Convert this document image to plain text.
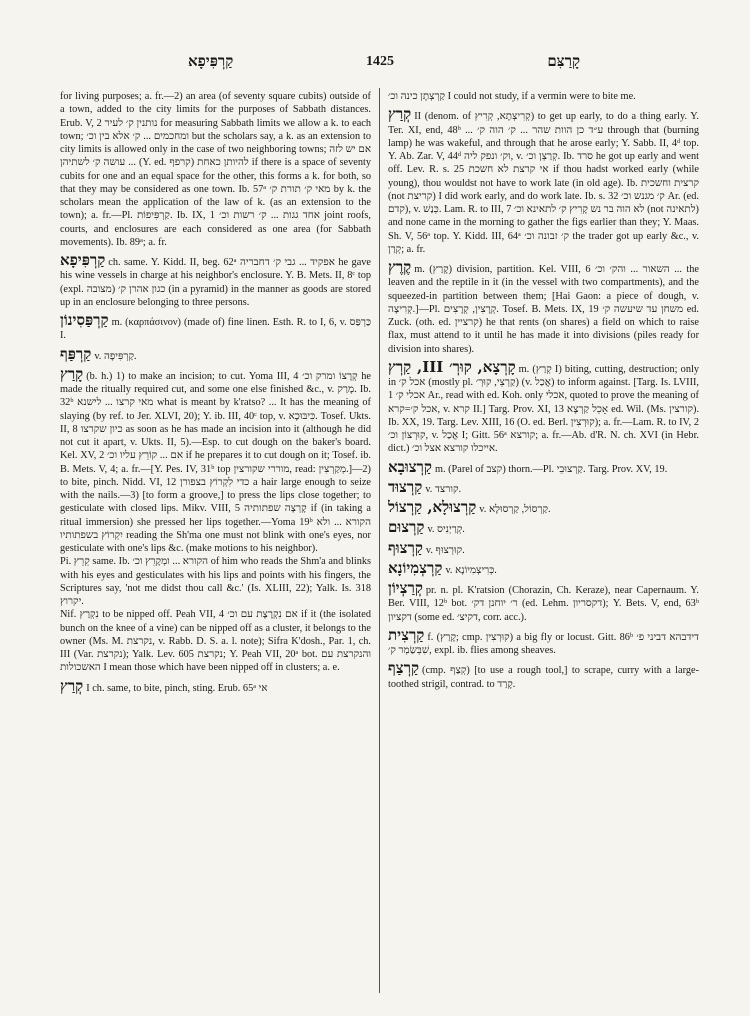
קַרְפִּיפָא	1425	קָרַצִּם

for living purposes; a. fr.—2) an area (of seventy square cubits) outside of a town, added to the city limits for the purposes of Sabbath distances. Erub. V, 2 נותנין ק׳ לעיר for measuring Sabbath limits we allow a k. to each town; ומחכמים ... ק׳ אלא בין וכ׳ but the scholars say, a k. as an extension to city limits is allowed only in the case of two neighboring towns; אם יש לזה ... עושה ק׳ לשתיהן (Y. ed. קרפף) להיותן כאחת if there is a space of seventy cubits for one and an equal space for the other, this forms a k. for both, so that they may be considered as one town. Ib. 57ᵃ מאי ק׳ תורת ק׳ by k. the scholars mean the application of the law of k. (as an extension to the town); a. fr.—Pl. קַרְפִּיפוֹת. Ib. IX, 1 אחד גגות ... ק׳ רשות וכ׳ joint roofs, courts, and enclosures are each considered as one area (for Sabbath movements). Ib. 89ᵃ; a. fr.

קַרְפִּיפָא ch. same. Y. Kidd. II, beg. 62ᵃ אפקיד ... גבי ק׳ דחבריה he gave his wine vessels in charge at his neighbor's enclosure. Y. B. Mets. II, 8ᶜ top (expl. מצובה) כגון אהרן ק׳ (in a pyramid) in the manner as goods are stored up in an enclosure belonging to three persons.

קַרְפַּסִינוֹן m. (καρπάσινον) (made of) fine linen. Esth. R. to I, 6, v. כַּרְפַּס I.

קַרְפַּף v. קַרְפִּיפָה.

קָרַץ (b. h.) 1) to make an incision; to cut. Yoma III, 4 קְרָצוֹ ומרק וכ׳ he made the ritually required cut, and some one else finished &c., v. מָרַק. Ib. 32ᵇ מאי קרצו ... לישנא what is meant by k'ratso? ... It has the meaning of slaying (by ref. to Jer. XLVI, 20); Y. ib. III, 40ᶜ top, v. כִּיבּוּכָא. Tosef. Ukts. II, 8 כיון שקרצו as soon as he has made an incision into it (although he did not cut it apart, v. Ukts. II, 5).—Esp. to cut dough on the baker's board. Kel. XV, 2 אם ... קוֹרֵץ עליו וכ׳ if he prepares it to cut dough on it; Tosef. ib. B. Mets. V, 4; a. fr.—[Y. Pes. IV, 31ᵇ top מוררי שקורצין, read: מְקַרְצִין.]—2) to bite, pinch. Nidd. VI, 12 כדי לִקְרוֹץ בצפורן a hair large enough to seize with the nails.—3) [to form a groove,] to press the lips close together; to gesticulate with closed lips. Mikv. VIII, 5 קָרְצָה שפתותיה if (in taking a ritual immersion) she pressed her lips together.—Yoma 19ᵇ הקורא ... ולא יִקְרוֹץ בשפתותיו reading the Sh'ma one must not blink with one's eyes, nor gesticulate with one's lips &c. (make motions to his neighbor).

Pi. קֵרֵץ same. Ib. הקורא ... ומְקָרֵץ וכ׳ of him who reads the Shm'a and blinks with his eyes and gesticulates with his lips and points with his fingers, the Scriptures say, 'not me didst thou call &c.' (Is. XLIII, 22); Yalk. Is. 318 יקרוץ.

Nif. נִקְרַץ to be nipped off. Peah VII, 4 אם נִקְרֶצֶת עם וכ׳ if it (the isolated bunch on the knee of a vine) can be nipped off as a cluster, it belongs to the owner (Ms. M. נקרצת, v. Rabb. D. S. a. l. note); Sifra K'dosh., Par. 1, ch. III (Var. נקרצת); Yalk. Lev. 605 נקרצת; Y. Peah VII, 20ᵃ bot. והנקרצת עם האשכולות I mean those which have been nipped off in clusters; a. e.

קְרַץ I ch. same, to bite, pinch, sting. Erub. 65ᵃ אי

קַרְצְתָן כינה וכ׳ I could not study, if a vermin were to bite me.

קְרַץ II (denom. of קְרִיצְתָא, קְרִיץ) to get up early, to do a thing early. Y. Ter. XI, end, 48ᵇ ... ע״ד כן הוות שהר ... ק׳ הוה ק׳ through that (burning lamp) he was wakeful, and through that he arose early; Y. Sabb. II, 4ᵈ top. Y. Ab. Zar. V, 44ᵈ וק׳ ונפק ליה, v. קְרַצְן וכ׳. Ib. סרד he got up early and went off. Lev. R. s. 25 אי קרצת לא חשכת if thou hadst worked early (while young), thou wouldst not have to work late (in old age). Ib. קרצית וחשכית (not קריצת) I did work early, and do work late. Ib. s. 32 ק׳ מגנש וכ׳ Ar. (ed. קדם), v. כְּנַשׁ. Lam. R. to III, 7 לא הוה בר נש קָרִיץ ק׳ לתאינא וכ׳ (not לתאינה) and none came in the morning to gather the figs earlier than they; Y. Maas. Sh. V, 56ᵃ top. Y. Kidd. III, 64ᵃ ק׳ זבונה וכ׳ the trader got up early &c., v. קְרַן; a. fr.

קֶרֶץ m. (קָרַץ) division, partition. Kel. VIII, 6 השאור ... והק׳ וכ׳ ... the leaven and the reptile in it (in the vessel with two compartments), and the squeezed-in partition between them; [Hai Gaon: a piece of dough, v. קְרִיצָה.]—Pl. קְרָצִין, קְרָצִים. Tosef. B. Mets. IX, 19 משחן עד שיעשה ק׳ ed. Zuck. (oth. ed. קרציין) he that rents (on shares) a field on which to raise flax, must attend to it until he has made it into divisions (piles ready for division into shares).

קָרְצָא, קוּרְ׳ III, קַרְץ m. (קְרַץ I) biting, cutting, destruction; only in אכל ק׳ (mostly pl. קַרְצֵי, קוּרְ׳) (v. אֲכַל) to inform against. [Targ. Is. LVIII, 1 אכלי ק׳ Ar., read with ed. Koh. only אכלי, quoted to prove the meaning of אכל ק׳=קרא, v. קרא II.] Targ. Prov. XI, 13 אָכֵל קַרְצָא ed. Wil. (Ms. קורצין). Ib. XX, 19. Targ. Lev. XIII, 16 (O. ed. Berl. קוּרְצִין); a. fr.—Lam. R. to IV, 2 קוּרְצוֹן וכ׳, v. אֲכַל I; Gitt. 56ᵃ קורצא; a. fr.—Ab. d'R. N. ch. XVI (in Hebr. dict.) אייכלו קורצא אצל וכ׳.

קַרְצוּבָא m. (Parel of קצב) thorn.—Pl. קַרְצוּבֵי. Targ. Prov. XV, 19.

קַרְצוּד v. קורצד.

קַרְצוּלָא, קַרְצוֹל v. קַרְסוֹל, קַרְסוּלָא.

קַרְצוּם v. קְרַיְנִיס.

קַרְצוּף v. קוּרְצוּף.

קַרְצְמִיוֹנָא v. כְּרִיצְמִיוֹנָא.

קְרַצְיוֹן pr. n. pl. K'ratsion (Chorazin, Ch. Keraze), near Capernaum. Y. Ber. VIII, 12ᵇ bot. ר׳ יוחנן דק׳ (ed. Lehm. דקסריון); Y. Bets. V, end, 63ᵇ דקציון (some ed. דקיצ׳, corr. acc.).

קַרְצִית f. (קָרַץ; cmp. קוּרְצִין) a big fly or locust. Gitt. 86ᵇ דידבהא דביני פ׳ שִׁבְּשַׂמְר ק׳, expl. ib. flies among sheaves.

קַרְצַף (cmp. קְצַף) [to use a rough tool,] to scrape, curry with a large-toothed strigil, contrad. to קָרַד.
